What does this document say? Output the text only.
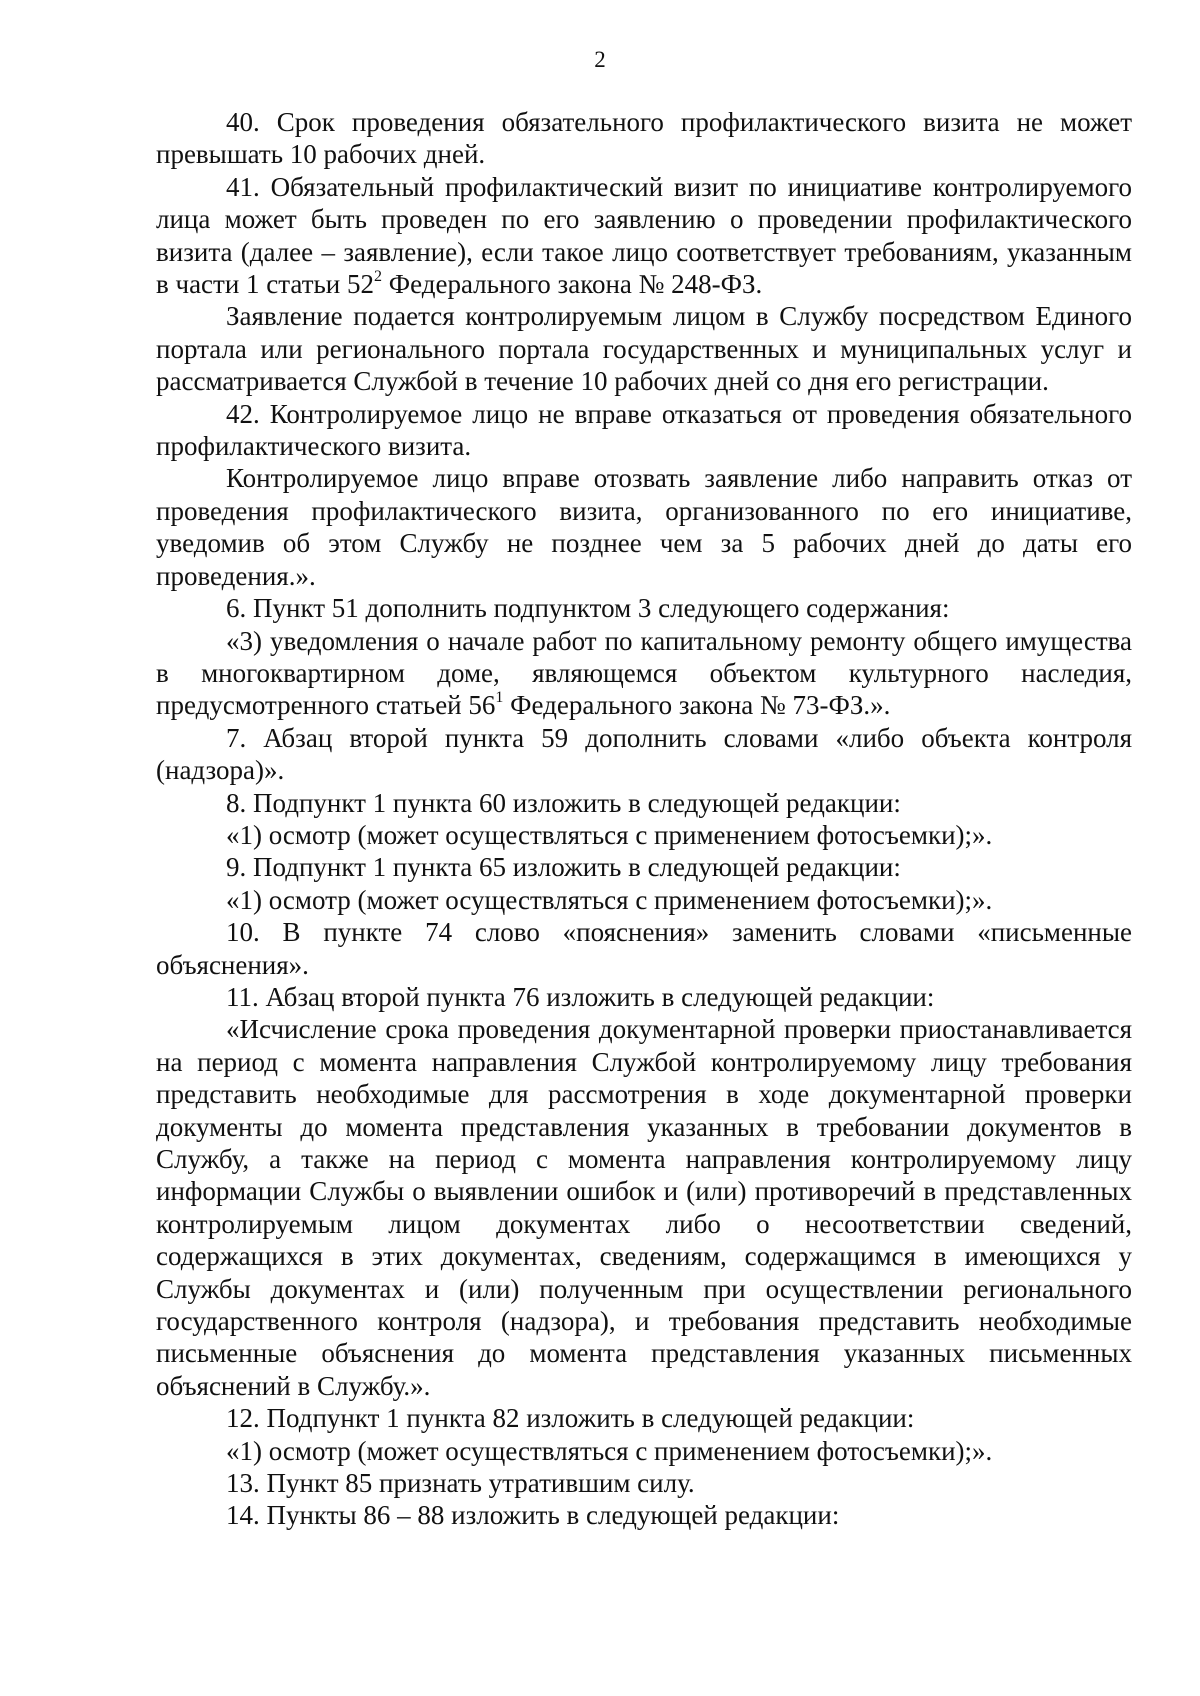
2

40. Срок проведения обязательного профилактического визита не может превышать 10 рабочих дней.

41. Обязательный профилактический визит по инициативе контролируемого лица может быть проведен по его заявлению о проведении профилактического визита (далее – заявление), если такое лицо соответствует требованиям, указанным в части 1 статьи $52^2$ Федерального закона № 248-ФЗ.

Заявление подается контролируемым лицом в Службу посредством Единого портала или регионального портала государственных и муниципальных услуг и рассматривается Службой в течение 10 рабочих дней со дня его регистрации.

42. Контролируемое лицо не вправе отказаться от проведения обязательного профилактического визита.

Контролируемое лицо вправе отозвать заявление либо направить отказ от проведения профилактического визита, организованного по его инициативе, уведомив об этом Службу не позднее чем за 5 рабочих дней до даты его проведения.».

6. Пункт 51 дополнить подпунктом 3 следующего содержания:

«3) уведомления о начале работ по капитальному ремонту общего имущества в многоквартирном доме, являющемся объектом культурного наследия, предусмотренного статьей $56^1$ Федерального закона № 73-ФЗ.».

7. Абзац второй пункта 59 дополнить словами «либо объекта контроля (надзора)».

8. Подпункт 1 пункта 60 изложить в следующей редакции:

«1) осмотр (может осуществляться с применением фотосъемки);».

9. Подпункт 1 пункта 65 изложить в следующей редакции:

«1) осмотр (может осуществляться с применением фотосъемки);».

10. В пункте 74 слово «пояснения» заменить словами «письменные объяснения».

11. Абзац второй пункта 76 изложить в следующей редакции:

«Исчисление срока проведения документарной проверки приостанавливается на период с момента направления Службой контролируемому лицу требования представить необходимые для рассмотрения в ходе документарной проверки документы до момента представления указанных в требовании документов в Службу, а также на период с момента направления контролируемому лицу информации Службы о выявлении ошибок и (или) противоречий в представленных контролируемым лицом документах либо о несоответствии сведений, содержащихся в этих документах, сведениям, содержащимся в имеющихся у Службы документах и (или) полученным при осуществлении регионального государственного контроля (надзора), и требования представить необходимые письменные объяснения до момента представления указанных письменных объяснений в Службу.».

12. Подпункт 1 пункта 82 изложить в следующей редакции:

«1) осмотр (может осуществляться с применением фотосъемки);».

13. Пункт 85 признать утратившим силу.

14. Пункты 86 – 88 изложить в следующей редакции:
